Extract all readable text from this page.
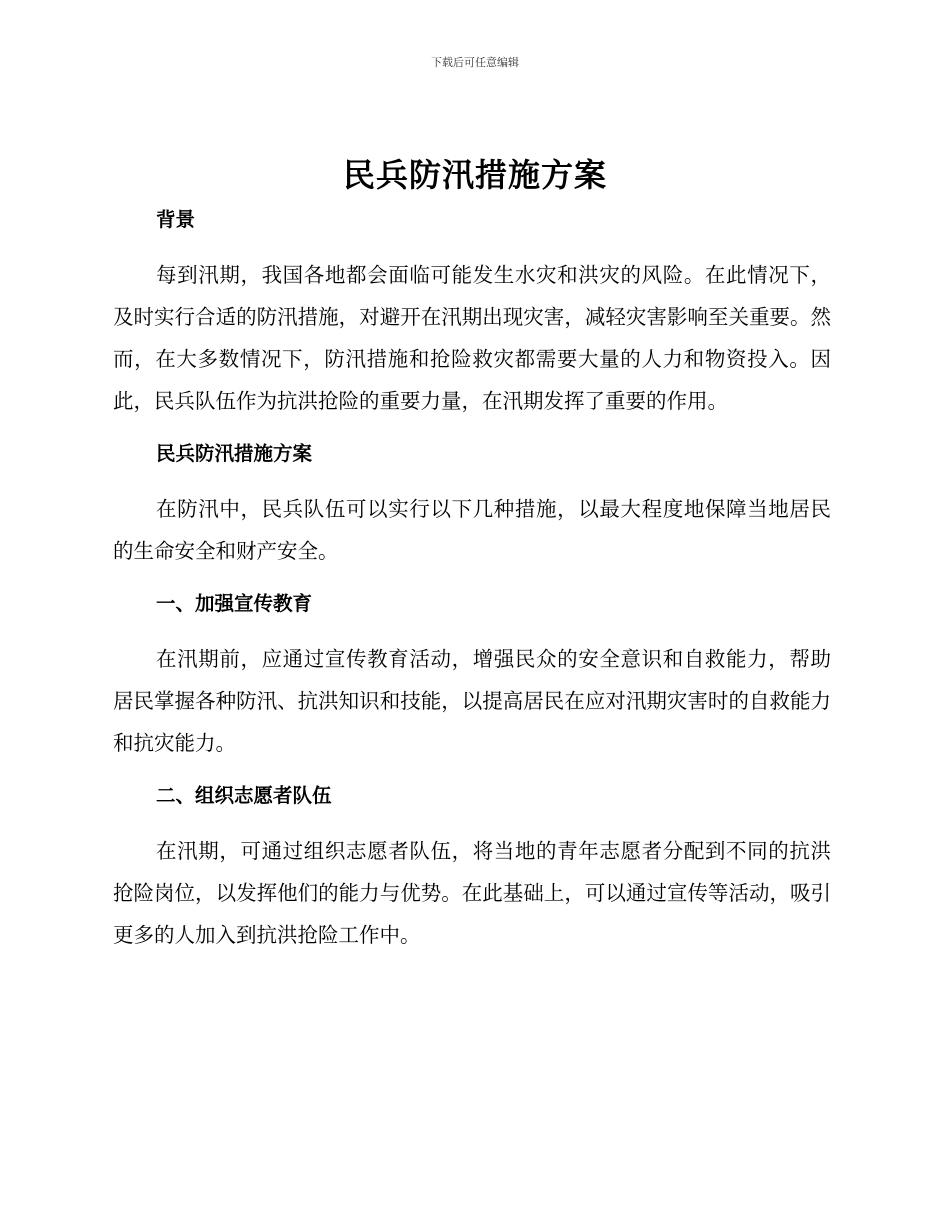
下载后可任意编辑
民兵防汛措施方案
背景

每到汛期，我国各地都会面临可能发生水灾和洪灾的风险。在此情况下，及时实行合适的防汛措施，对避开在汛期出现灾害，减轻灾害影响至关重要。然而，在大多数情况下，防汛措施和抢险救灾都需要大量的人力和物资投入。因此，民兵队伍作为抗洪抢险的重要力量，在汛期发挥了重要的作用。

民兵防汛措施方案

在防汛中，民兵队伍可以实行以下几种措施，以最大程度地保障当地居民的生命安全和财产安全。

一、加强宣传教育

在汛期前，应通过宣传教育活动，增强民众的安全意识和自救能力，帮助居民掌握各种防汛、抗洪知识和技能，以提高居民在应对汛期灾害时的自救能力和抗灾能力。

二、组织志愿者队伍

在汛期，可通过组织志愿者队伍，将当地的青年志愿者分配到不同的抗洪抢险岗位，以发挥他们的能力与优势。在此基础上，可以通过宣传等活动，吸引更多的人加入到抗洪抢险工作中。
